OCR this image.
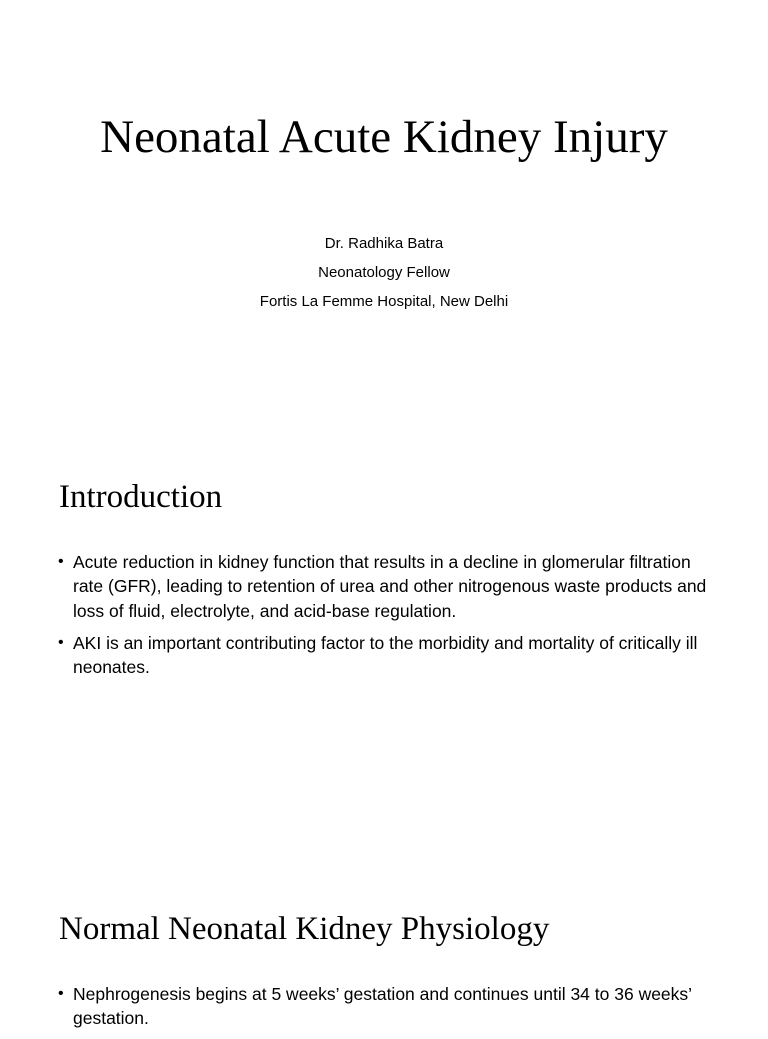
Neonatal Acute Kidney Injury
Dr. Radhika Batra
Neonatology Fellow
Fortis La Femme Hospital, New Delhi
Introduction
• Acute reduction in kidney function that results in a decline in glomerular filtration rate (GFR), leading to retention of urea and other nitrogenous waste products and loss of fluid, electrolyte, and acid-base regulation.
• AKI is an important contributing factor to the morbidity and mortality of critically ill neonates.
Normal Neonatal Kidney Physiology
• Nephrogenesis begins at 5 weeks’ gestation and continues until 34 to 36 weeks’ gestation.
